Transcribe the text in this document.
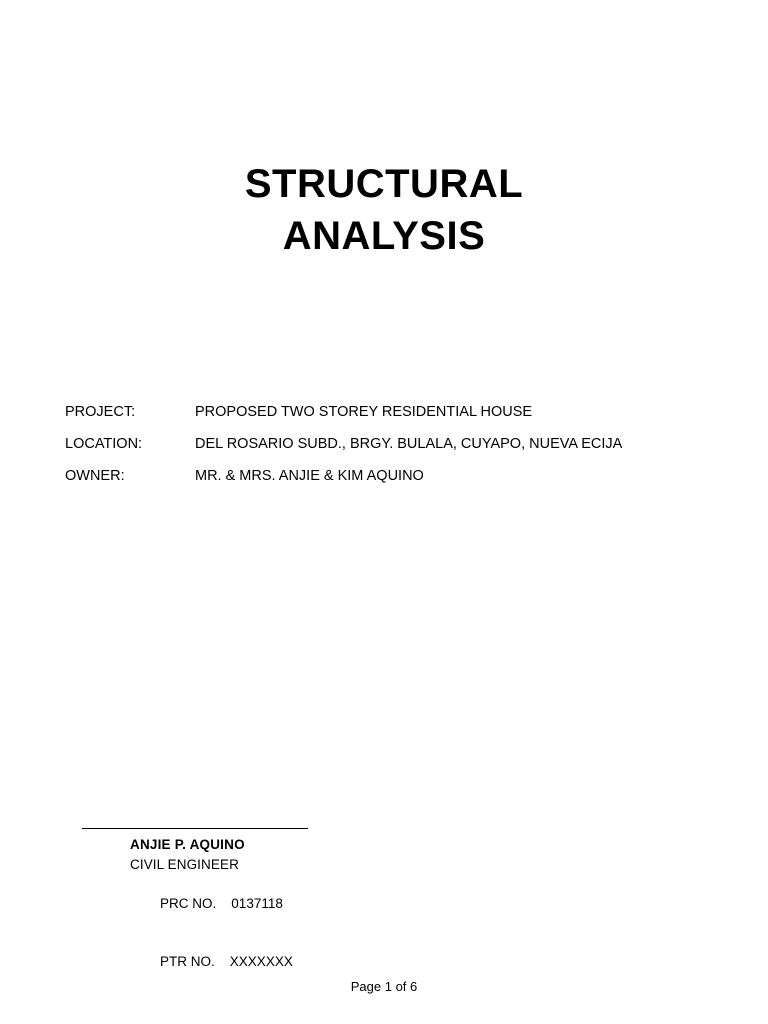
STRUCTURAL
ANALYSIS
PROJECT:	PROPOSED TWO STOREY RESIDENTIAL HOUSE
LOCATION:	DEL ROSARIO SUBD., BRGY. BULALA, CUYAPO, NUEVA ECIJA
OWNER:	MR. & MRS. ANJIE & KIM AQUINO
ANJIE P. AQUINO
CIVIL ENGINEER

PRC NO. 0137118

PTR NO. XXXXXXX

Page 1 of 6
